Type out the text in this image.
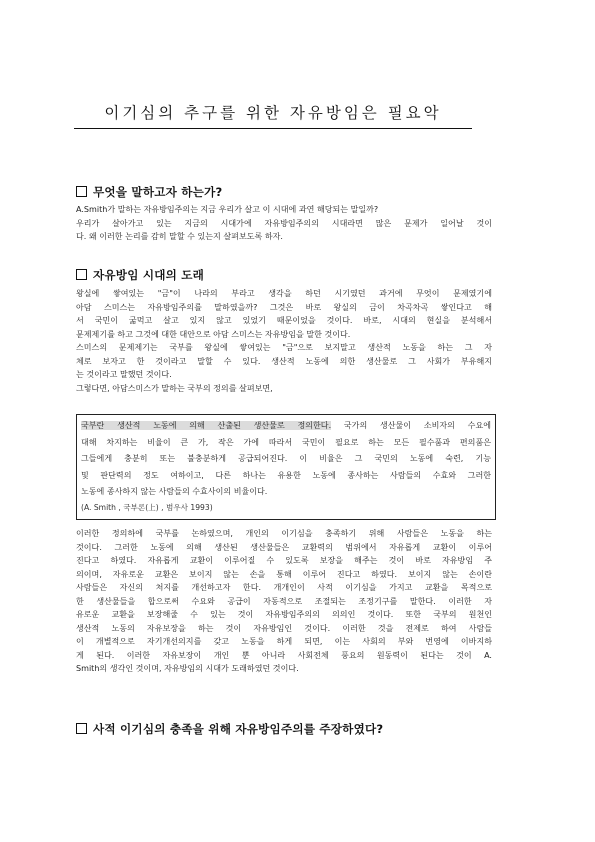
이기심의 추구를 위한 자유방임은 필요악
무엇을 말하고자 하는가?
A.Smith가 말하는 자유방임주의는 지금 우리가 살고 이 시대에 과연 해당되는 말일까?
우리가 살아가고 있는 지금의 시대가에 자유방임주의의 시대라면 많은 문제가 일어날 것이
다. 왜 이러한 논리를 감히 말할 수 있는지 살펴보도록 하자.
자유방임 시대의 도래
왕실에 쌓여있는 "금"이 나라의 부라고 생각을 하던 시기였던 과거에 무엇이 문제였기에
아담 스미스는 자유방임주의를 말하였을까? 그것은 바로 왕실의 금이 차곡차곡 쌓인다고 해
서 국민이 굶먹고 살고 있지 않고 있었기 때문이었을 것이다. 바로, 시대의 현실을 분석해서
문제제기를 하고 그것에 대한 대안으로 아담 스미스는 자유방임을 말한 것이다.
스미스의 문제제기는 국부를 왕실에 쌓여있는 "금"으로 보지말고 생산적 노동을 하는 그 자
체로 보자고 한 것이라고 말할 수 있다. 생산적 노동에 의한 생산물로 그 사회가 부유해지
는 것이라고 말했던 것이다.
그렇다면, 아담스미스가 말하는 국부의 정의를 살펴보면,
국부란 생산적 노동에 의해 산출된 생산물로 정의한다. 국가의 생산물이 소비자의 수요에
대해 차지하는 비율이 큰 가, 작은 가에 따라서 국민이 필요로 하는 모든 필수품과 편의품은
그들에게 충분히 또는 불충분하게 공급되어진다. 이 비율은 그 국민의 노동에 숙련, 기능
및 판단력의 정도 여하이고, 다른 하나는 유용한 노동에 종사하는 사람들의 수효와 그러한
노동에 종사하지 않는 사람들의 수효사이의 비율이다.
(A. Smith , 국부론(上) , 범우사 1993)
이러한 정의하에 국부를 논하였으며, 개인의 이기심을 충족하기 위해 사람들은 노동을 하는
것이다. 그러한 노동에 의해 생산된 생산물들은 교환력의 범위에서 자유롭게 교환이 이루어
진다고 하였다. 자유롭게 교환이 이루어질 수 있도록 보장을 해주는 것이 바로 자유방임 주
의이며, 자유로운 교환은 보이지 않는 손을 통해 이루어 진다고 하였다. 보이지 않는 손이란
사람들은 자신의 처지를 개선하고자 한다. 개개인이 사적 이기심을 가지고 교환을 목적으로
한 생산물들을 합으로써 수요와 공급이 자동적으로 조절되는 조정기구를 말한다. 이러한 자
유로운 교환을 보장해줄 수 있는 것이 자유방임주의의 의의인 것이다. 또한 국부의 원천인
생산적 노동의 자유보장을 하는 것이 자유방임인 것이다. 이러한 것을 전제로 하여 사람들
이 개별적으로 자기개선의지를 갖고 노동을 하게 되면, 이는 사회의 부와 번영에 이바지하
게 된다. 이러한 자유보장이 개인 뿐 아니라 사회전체 풍요의 원동력이 된다는 것이 A.
Smith의 생각인 것이며, 자유방임의 시대가 도래하였던 것이다.
사적 이기심의 충족을 위해 자유방임주의를 주장하였다?
